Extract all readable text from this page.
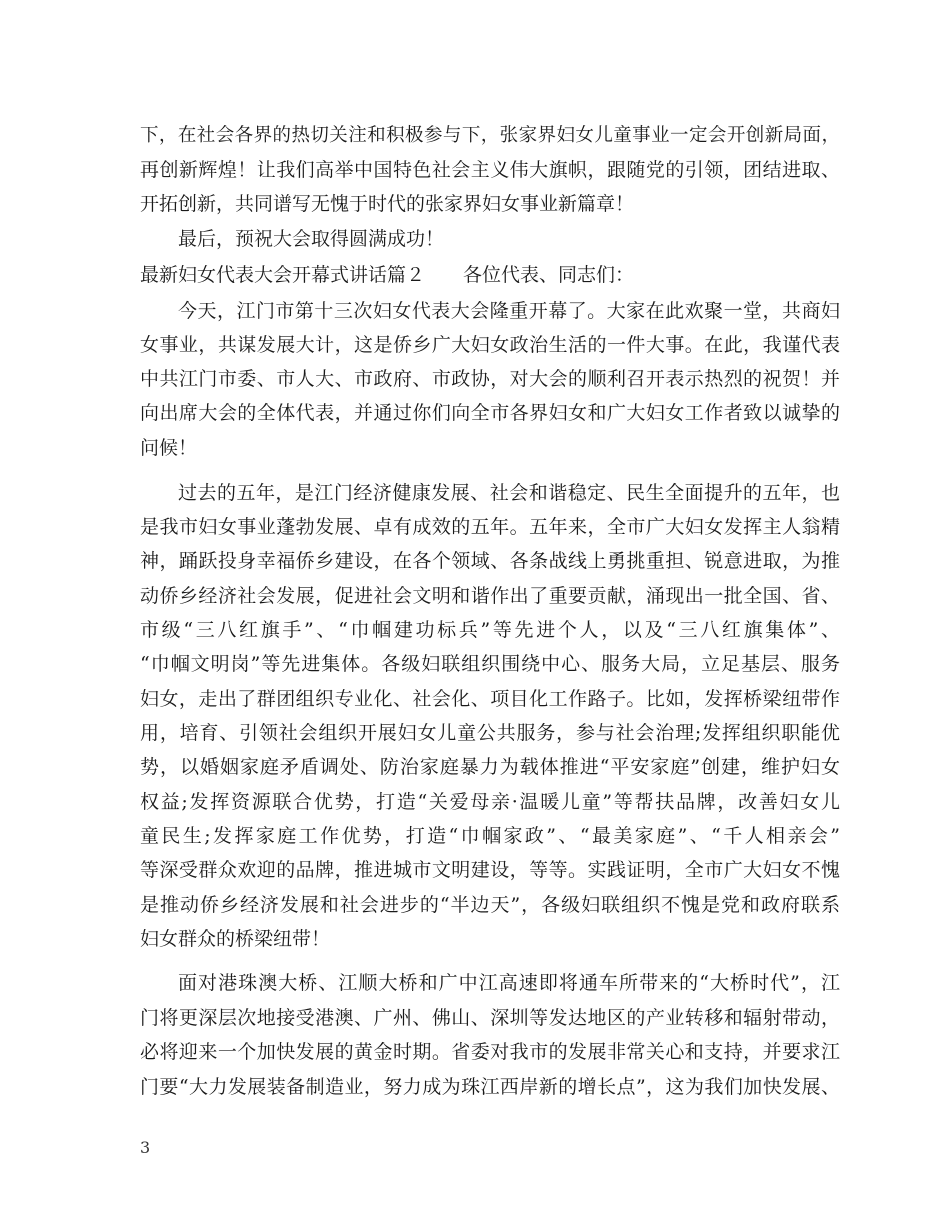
下，在社会各界的热切关注和积极参与下，张家界妇女儿童事业一定会开创新局面，
再创新辉煌！让我们高举中国特色社会主义伟大旗帜，跟随党的引领，团结进取、
开拓创新，共同谱写无愧于时代的张家界妇女事业新篇章！
最后，预祝大会取得圆满成功！
今天，江门市第十三次妇女代表大会隆重开幕了。大家在此欢聚一堂，共商妇
女事业，共谋发展大计，这是侨乡广大妇女政治生活的一件大事。在此，我谨代表
中共江门市委、市人大、市政府、市政协，对大会的顺利召开表示热烈的祝贺！并
向出席大会的全体代表，并通过你们向全市各界妇女和广大妇女工作者致以诚挚的
问候！
过去的五年，是江门经济健康发展、社会和谐稳定、民生全面提升的五年，也
是我市妇女事业蓬勃发展、卓有成效的五年。五年来，全市广大妇女发挥主人翁精
神，踊跃投身幸福侨乡建设，在各个领域、各条战线上勇挑重担、锐意进取，为推
动侨乡经济社会发展，促进社会文明和谐作出了重要贡献，涌现出一批全国、省、
市级“三八红旗手”、“巾帼建功标兵”等先进个人，以及“三八红旗集体”、
“巾帼文明岗”等先进集体。各级妇联组织围绕中心、服务大局，立足基层、服务
妇女，走出了群团组织专业化、社会化、项目化工作路子。比如，发挥桥梁纽带作
用，培育、引领社会组织开展妇女儿童公共服务，参与社会治理;发挥组织职能优
势，以婚姻家庭矛盾调处、防治家庭暴力为载体推进“平安家庭”创建，维护妇女
权益;发挥资源联合优势，打造“关爱母亲·温暖儿童”等帮扶品牌，改善妇女儿
童民生;发挥家庭工作优势，打造“巾帼家政”、“最美家庭”、“千人相亲会”
等深受群众欢迎的品牌，推进城市文明建设，等等。实践证明，全市广大妇女不愧
是推动侨乡经济发展和社会进步的“半边天”，各级妇联组织不愧是党和政府联系
妇女群众的桥梁纽带！
面对港珠澳大桥、江顺大桥和广中江高速即将通车所带来的“大桥时代”，江
门将更深层次地接受港澳、广州、佛山、深圳等发达地区的产业转移和辐射带动，
必将迎来一个加快发展的黄金时期。省委对我市的发展非常关心和支持，并要求江
门要“大力发展装备制造业，努力成为珠江西岸新的增长点”，这为我们加快发展、
最新妇女代表大会开幕式讲话篇２ 各位代表、同志们：
3
